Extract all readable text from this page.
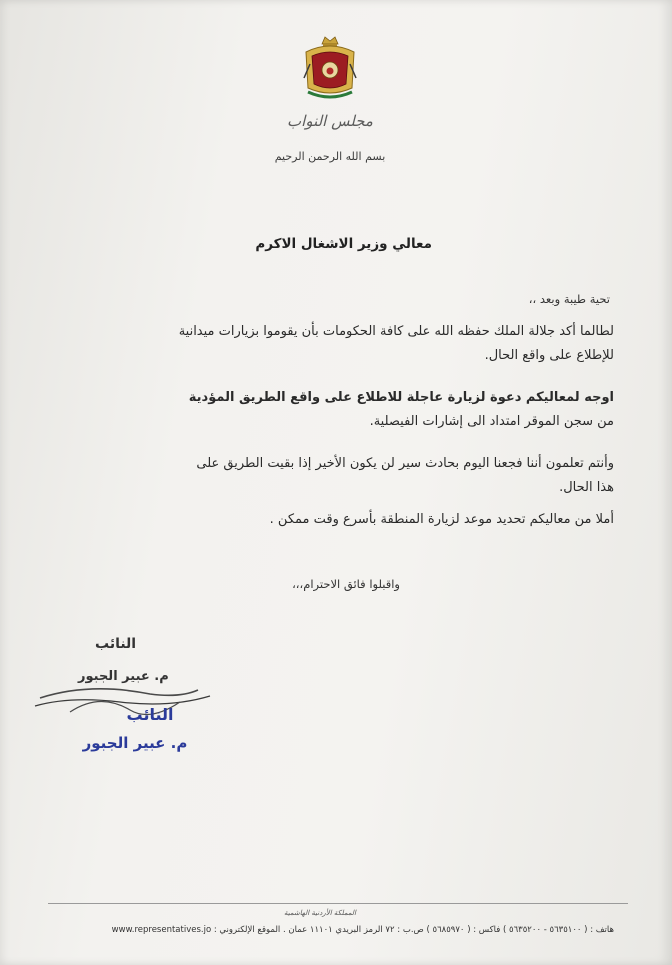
مجلس النواب
بسم الله الرحمن الرحيم
معالي وزير الاشغال الاكرم
تحية طيبة وبعد ،،
لطالما أكد جلالة الملك حفظه الله على كافة الحكومات بأن يقوموا بزيارات ميدانية
للإطلاع على واقع الحال.
اوجه لمعاليكم دعوة لزيارة عاجلة للاطلاع على واقع الطريق المؤدية
من سجن الموقر امتداد الى إشارات الفيصلية.
وأنتم تعلمون أننا فجعنا اليوم بحادث سير لن يكون الأخير إذا بقيت الطريق على
هذا الحال.
أملا من معاليكم تحديد موعد لزيارة المنطقة بأسرع وقت ممكن .
واقبلوا فائق الاحترام،،،
النائب
م. عبير الجبور
النائب
م. عبير الجبور
المملكة الأردنية الهاشمية
هاتف : ( ٥٦٣٥١٠٠ - ٥٦٣٥٢٠٠ ) فاكس : ( ٥٦٨٥٩٧٠ ) ص.ب : ٧٢ الرمز البريدي ١١١٠١ عمان . الموقع الإلكتروني : www.representatives.jo
